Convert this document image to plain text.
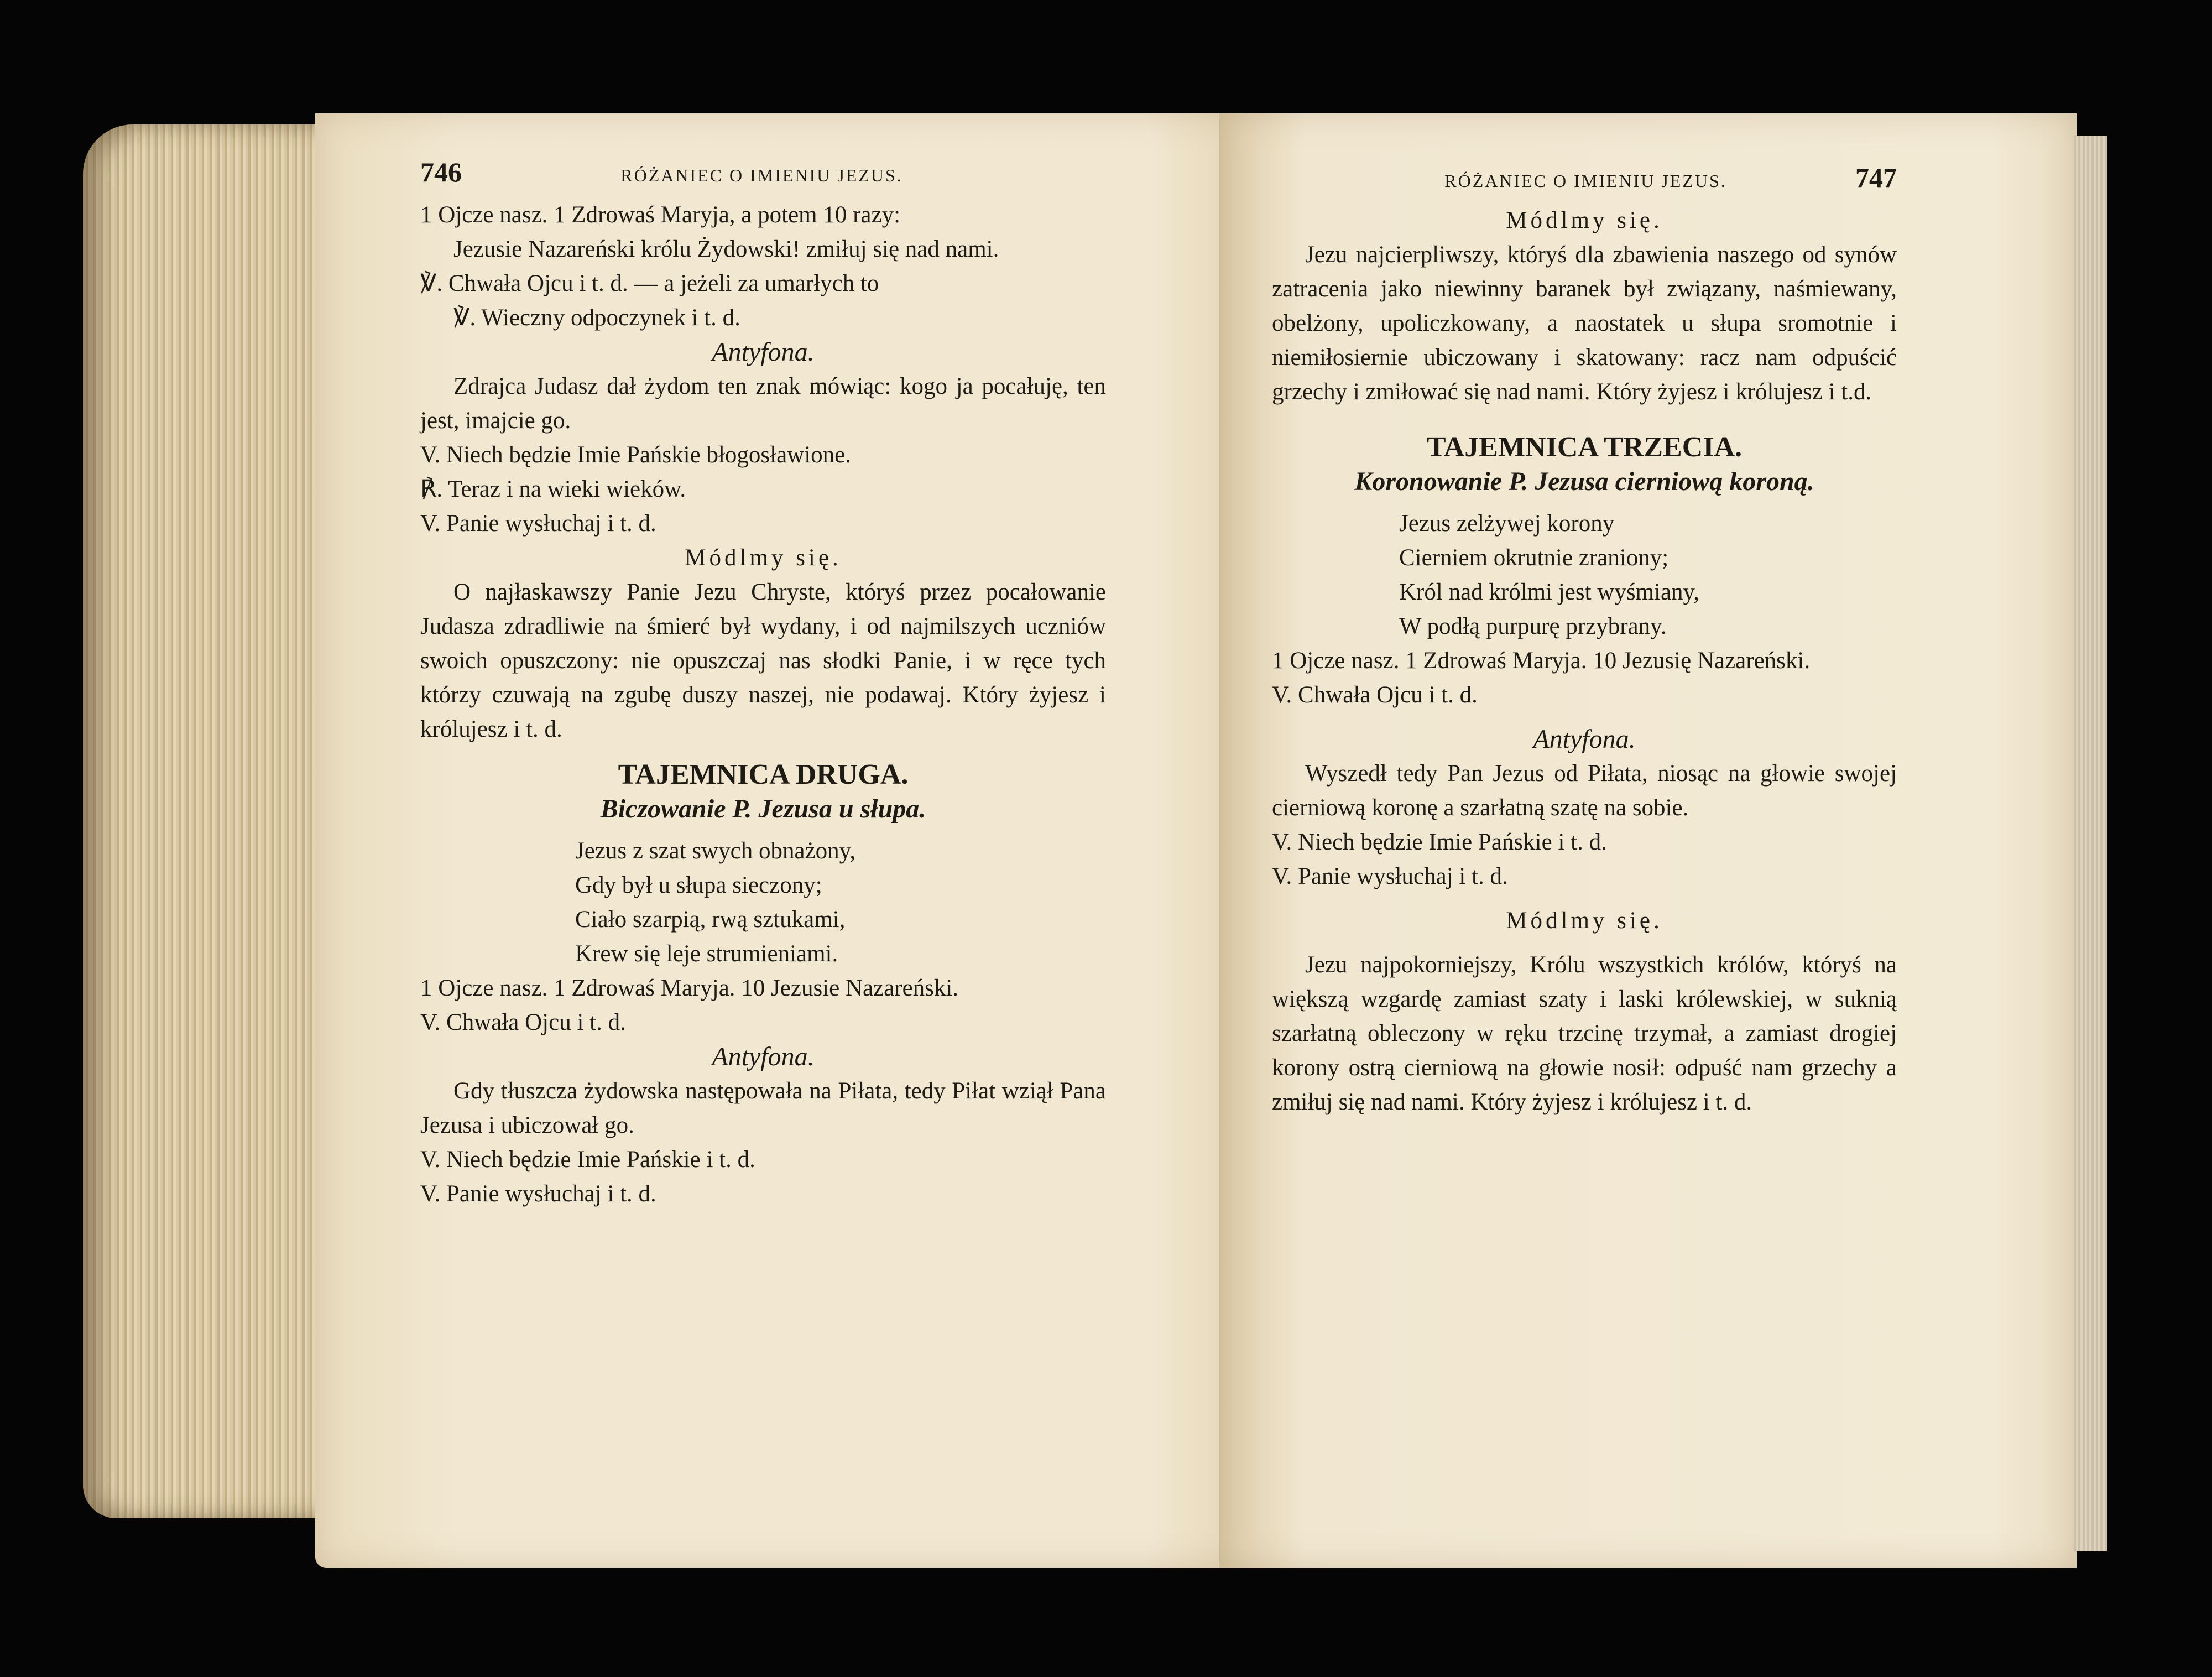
746	RÓŻANIEC O IMIENIU JEZUS.

1 Ojcze nasz. 1 Zdrowaś Maryja, a potem 10 razy:

Jezusie Nazareński królu Żydowski! zmiłuj się nad nami.

℣. Chwała Ojcu i t. d. — a jeżeli za umarłych to

℣. Wieczny odpoczynek i t. d.

Antyfona.

Zdrajca Judasz dał żydom ten znak mówiąc: kogo ja pocałuję, ten jest, imajcie go.

V. Niech będzie Imie Pańskie błogosławione.

℟. Teraz i na wieki wieków.

V. Panie wysłuchaj i t. d.

Módlmy się.

O najłaskawszy Panie Jezu Chryste, któryś przez pocałowanie Judasza zdradliwie na śmierć był wydany, i od najmilszych uczniów swoich opuszczony: nie opuszczaj nas słodki Panie, i w ręce tych którzy czuwają na zgubę duszy naszej, nie podawaj. Który żyjesz i królujesz i t. d.

TAJEMNICA DRUGA.

Biczowanie P. Jezusa u słupa.

Jezus z szat swych obnażony,

Gdy był u słupa sieczony;

Ciało szarpią, rwą sztukami,

Krew się leje strumieniami.

1 Ojcze nasz. 1 Zdrowaś Maryja. 10 Jezusie Nazareński.

V. Chwała Ojcu i t. d.

Antyfona.

Gdy tłuszcza żydowska następowała na Piłata, tedy Piłat wziął Pana Jezusa i ubiczował go.

V. Niech będzie Imie Pańskie i t. d.

V. Panie wysłuchaj i t. d.

RÓŻANIEC O IMIENIU JEZUS.	747

Módlmy się.

Jezu najcierpliwszy, któryś dla zbawienia naszego od synów zatracenia jako niewinny baranek był związany, naśmiewany, obelżony, upoliczkowany, a naostatek u słupa sromotnie i niemiłosiernie ubiczowany i skatowany: racz nam odpuścić grzechy i zmiłować się nad nami. Który żyjesz i królujesz i t.d.

TAJEMNICA TRZECIA.

Koronowanie P. Jezusa cierniową koroną.

Jezus zelżywej korony

Cierniem okrutnie zraniony;

Król nad królmi jest wyśmiany,

W podłą purpurę przybrany.

1 Ojcze nasz. 1 Zdrowaś Maryja. 10 Jezusię Nazareński.

V. Chwała Ojcu i t. d.

Antyfona.

Wyszedł tedy Pan Jezus od Piłata, niosąc na głowie swojej cierniową koronę a szarłatną szatę na sobie.

V. Niech będzie Imie Pańskie i t. d.

V. Panie wysłuchaj i t. d.

Módlmy się.

Jezu najpokorniejszy, Królu wszystkich królów, któryś na większą wzgardę zamiast szaty i laski królewskiej, w suknią szarłatną obleczony w ręku trzcinę trzymał, a zamiast drogiej korony ostrą cierniową na głowie nosił: odpuść nam grzechy a zmiłuj się nad nami. Który żyjesz i królujesz i t. d.
